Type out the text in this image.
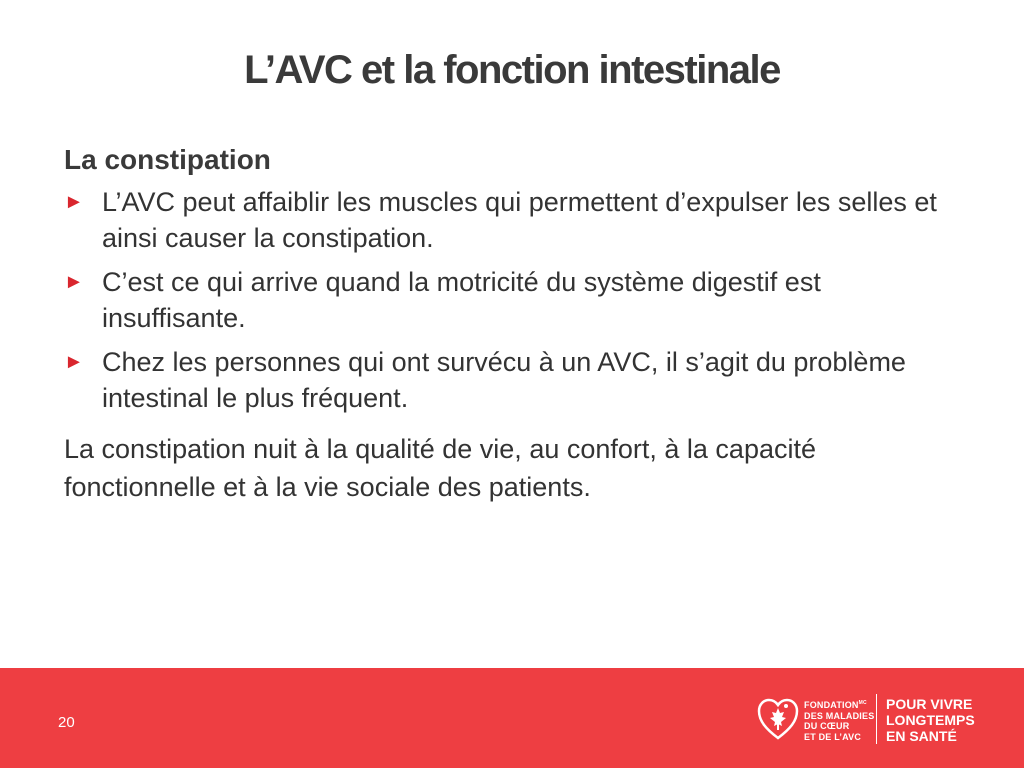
L’AVC et la fonction intestinale
La constipation
► L’AVC peut affaiblir les muscles qui permettent d’expulser les selles et ainsi causer la constipation.
► C’est ce qui arrive quand la motricité du système digestif est insuffisante.
► Chez les personnes qui ont survécu à un AVC, il s’agit du problème intestinal le plus fréquent.

La constipation nuit à la qualité de vie, au confort, à la capacité fonctionnelle et à la vie sociale des patients.

20
$FONDATION^{MC}$
DES MALADIES
DU CŒUR
ET DE L’AVC
POUR VIVRE
LONGTEMPS
EN SANTÉ
